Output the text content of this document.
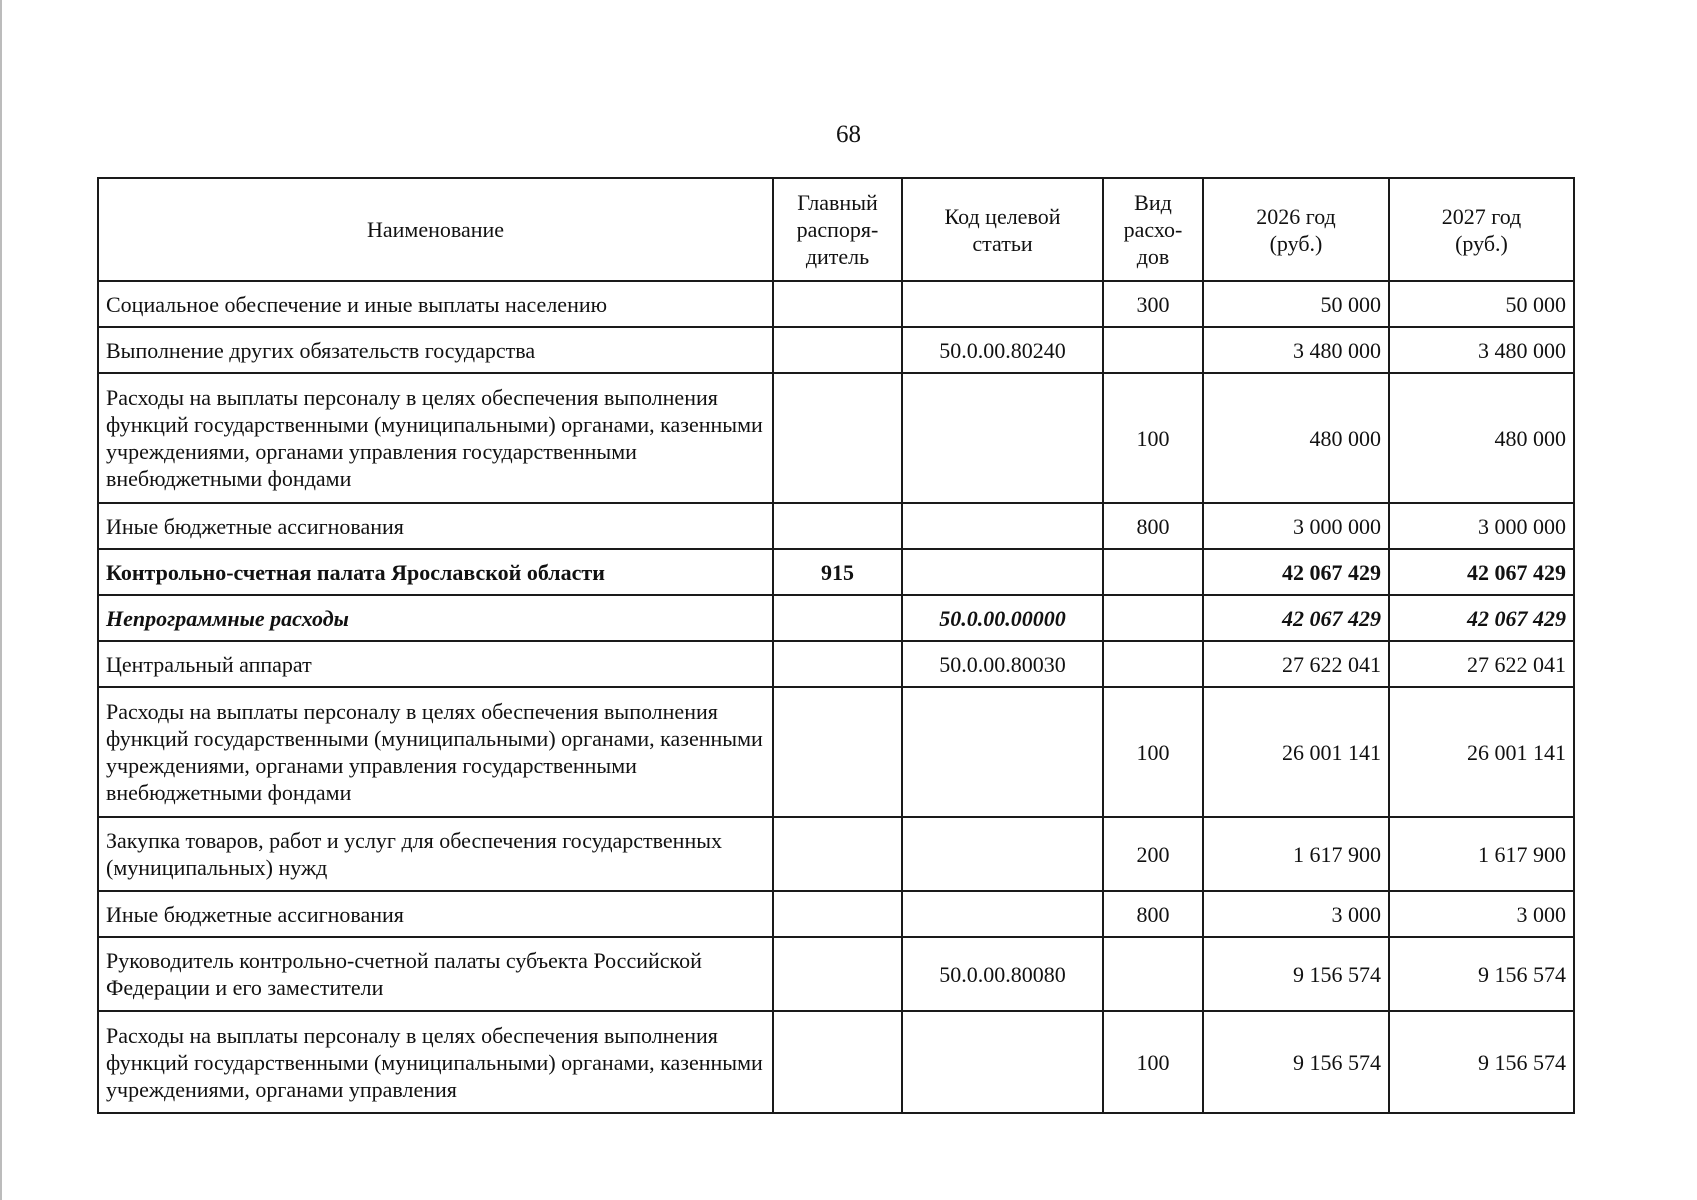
68
Наименование	Главный
распоря-
дитель	Код целевой
статьи	Вид
расхо-
дов	2026 год
(руб.)	2027 год
(руб.)

Социальное обеспечение и иные выплаты населению			300	50 000	50 000
Выполнение других обязательств государства		50.0.00.80240		3 480 000	3 480 000
Расходы на выплаты персоналу в целях обеспечения выполнения функций государственными (муниципальными) органами, казенными учреждениями, органами управления государственными внебюджетными фондами			100	480 000	480 000
Иные бюджетные ассигнования			800	3 000 000	3 000 000
Контрольно-счетная палата Ярославской области	915			42 067 429	42 067 429
Непрограммные расходы		50.0.00.00000		42 067 429	42 067 429
Центральный аппарат		50.0.00.80030		27 622 041	27 622 041
Расходы на выплаты персоналу в целях обеспечения выполнения функций государственными (муниципальными) органами, казенными учреждениями, органами управления государственными внебюджетными фондами			100	26 001 141	26 001 141
Закупка товаров, работ и услуг для обеспечения государственных (муниципальных) нужд			200	1 617 900	1 617 900
Иные бюджетные ассигнования			800	3 000	3 000
Руководитель контрольно-счетной палаты субъекта Российской Федерации и его заместители		50.0.00.80080		9 156 574	9 156 574
Расходы на выплаты персоналу в целях обеспечения выполнения функций государственными (муниципальными) органами, казенными учреждениями, органами управления			100	9 156 574	9 156 574
